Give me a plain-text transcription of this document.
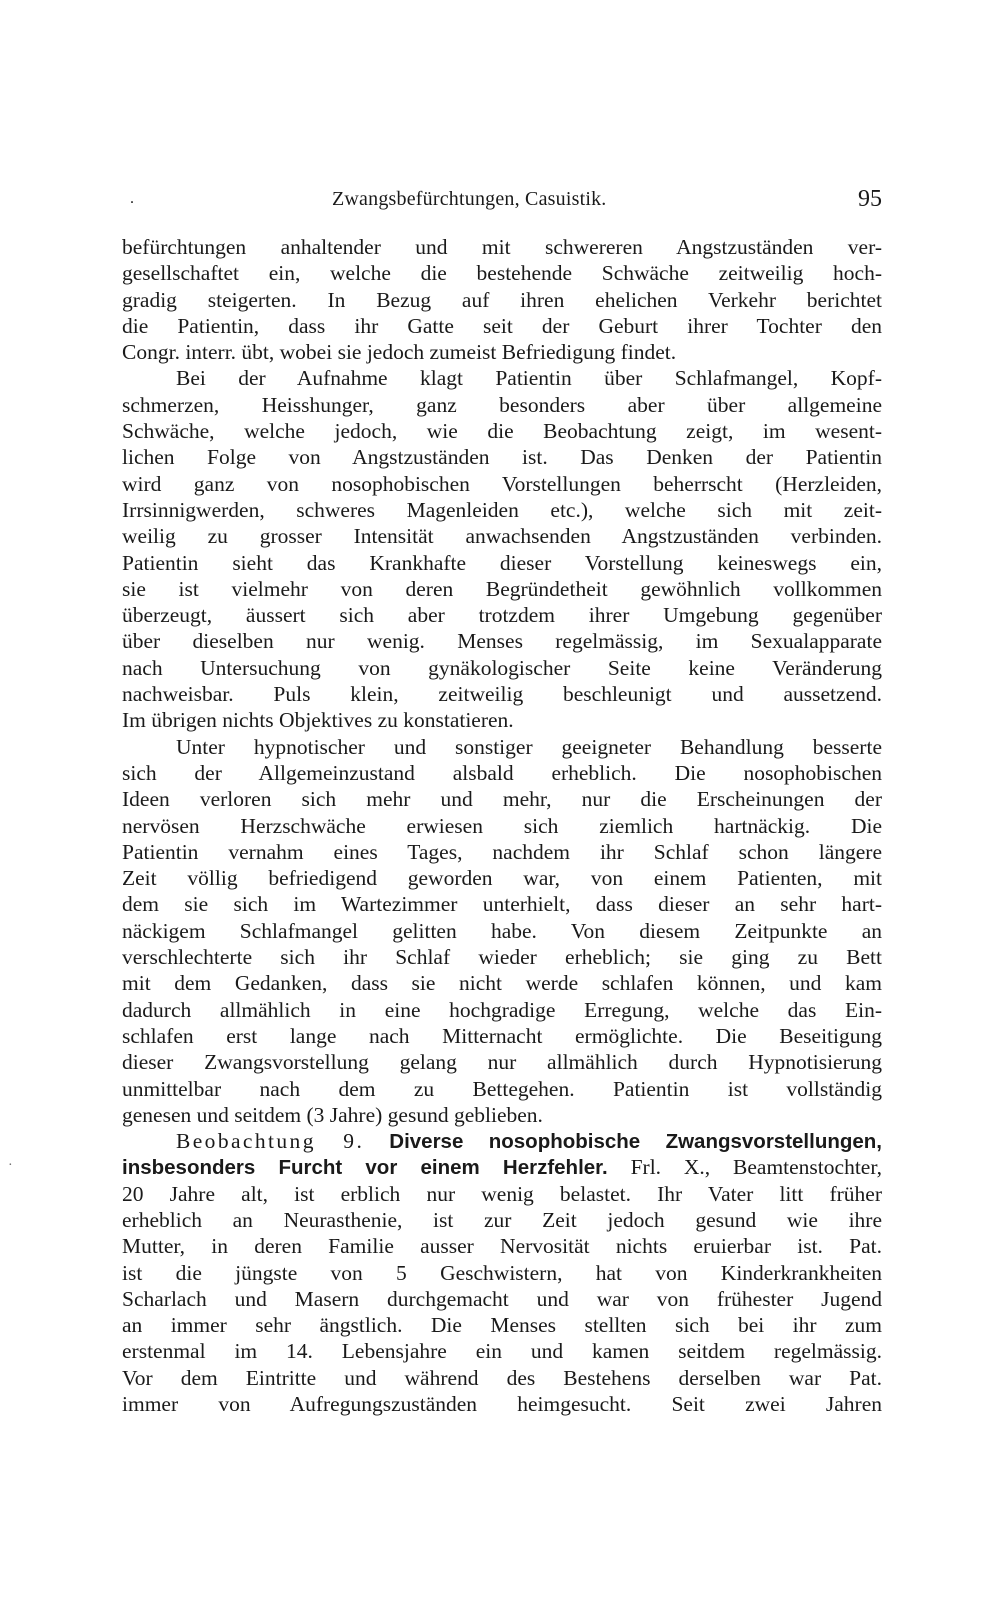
.	Zwangsbefürchtungen, Casuistik.	95
·
befürchtungen anhaltender und mit schwereren Angstzuständen ver-
gesellschaftet ein, welche die bestehende Schwäche zeitweilig hoch-
gradig steigerten. In Bezug auf ihren ehelichen Verkehr berichtet
die Patientin, dass ihr Gatte seit der Geburt ihrer Tochter den
Congr. interr. übt, wobei sie jedoch zumeist Befriedigung findet.
Bei der Aufnahme klagt Patientin über Schlafmangel, Kopf-
schmerzen, Heisshunger, ganz besonders aber über allgemeine
Schwäche, welche jedoch, wie die Beobachtung zeigt, im wesent-
lichen Folge von Angstzuständen ist. Das Denken der Patientin
wird ganz von nosophobischen Vorstellungen beherrscht (Herzleiden,
Irrsinnigwerden, schweres Magenleiden etc.), welche sich mit zeit-
weilig zu grosser Intensität anwachsenden Angstzuständen verbinden.
Patientin sieht das Krankhafte dieser Vorstellung keineswegs ein,
sie ist vielmehr von deren Begründetheit gewöhnlich vollkommen
überzeugt, äussert sich aber trotzdem ihrer Umgebung gegenüber
über dieselben nur wenig. Menses regelmässig, im Sexualapparate
nach Untersuchung von gynäkologischer Seite keine Veränderung
nachweisbar. Puls klein, zeitweilig beschleunigt und aussetzend.
Im übrigen nichts Objektives zu konstatieren.
Unter hypnotischer und sonstiger geeigneter Behandlung besserte
sich der Allgemeinzustand alsbald erheblich. Die nosophobischen
Ideen verloren sich mehr und mehr, nur die Erscheinungen der
nervösen Herzschwäche erwiesen sich ziemlich hartnäckig. Die
Patientin vernahm eines Tages, nachdem ihr Schlaf schon längere
Zeit völlig befriedigend geworden war, von einem Patienten, mit
dem sie sich im Wartezimmer unterhielt, dass dieser an sehr hart-
näckigem Schlafmangel gelitten habe. Von diesem Zeitpunkte an
verschlechterte sich ihr Schlaf wieder erheblich; sie ging zu Bett
mit dem Gedanken, dass sie nicht werde schlafen können, und kam
dadurch allmählich in eine hochgradige Erregung, welche das Ein-
schlafen erst lange nach Mitternacht ermöglichte. Die Beseitigung
dieser Zwangsvorstellung gelang nur allmählich durch Hypnotisierung
unmittelbar nach dem zu Bettegehen. Patientin ist vollständig
genesen und seitdem (3 Jahre) gesund geblieben.
Beobachtung 9. Diverse nosophobische Zwangsvorstellungen,
insbesonders Furcht vor einem Herzfehler. Frl. X., Beamtenstochter,
20 Jahre alt, ist erblich nur wenig belastet. Ihr Vater litt früher
erheblich an Neurasthenie, ist zur Zeit jedoch gesund wie ihre
Mutter, in deren Familie ausser Nervosität nichts eruierbar ist. Pat.
ist die jüngste von 5 Geschwistern, hat von Kinderkrankheiten
Scharlach und Masern durchgemacht und war von frühester Jugend
an immer sehr ängstlich. Die Menses stellten sich bei ihr zum
erstenmal im 14. Lebensjahre ein und kamen seitdem regelmässig.
Vor dem Eintritte und während des Bestehens derselben war Pat.
immer von Aufregungszuständen heimgesucht. Seit zwei Jahren
